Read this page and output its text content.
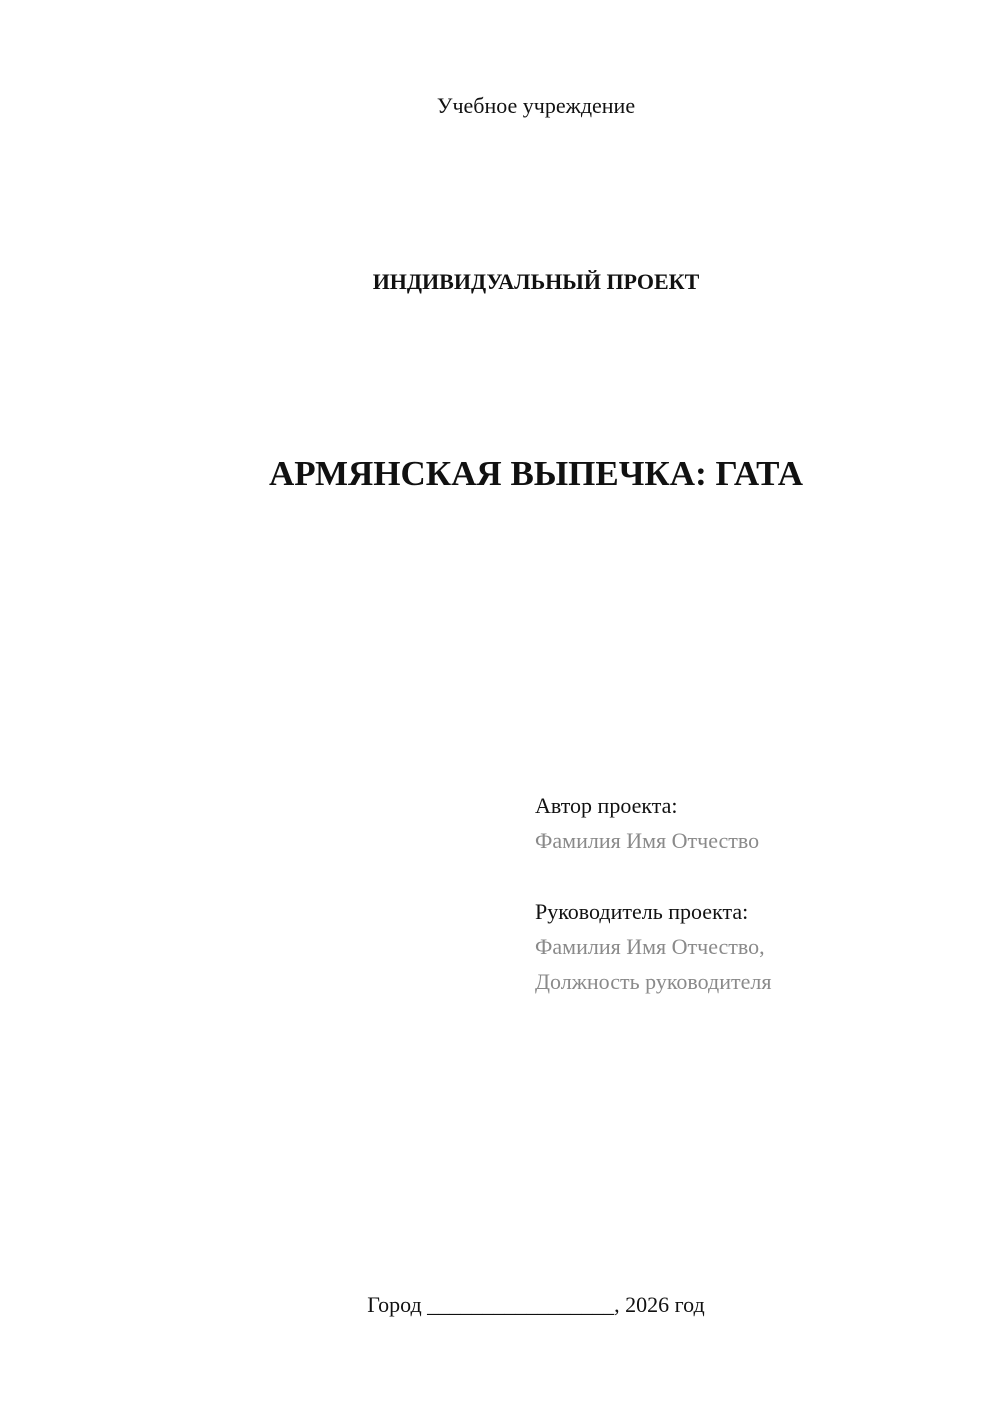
Учебное учреждение
ИНДИВИДУАЛЬНЫЙ ПРОЕКТ
АРМЯНСКАЯ ВЫПЕЧКА: ГАТА
Автор проекта:
Фамилия Имя Отчество
Руководитель проекта:
Фамилия Имя Отчество,
Должность руководителя
Город _________________, 2026 год
